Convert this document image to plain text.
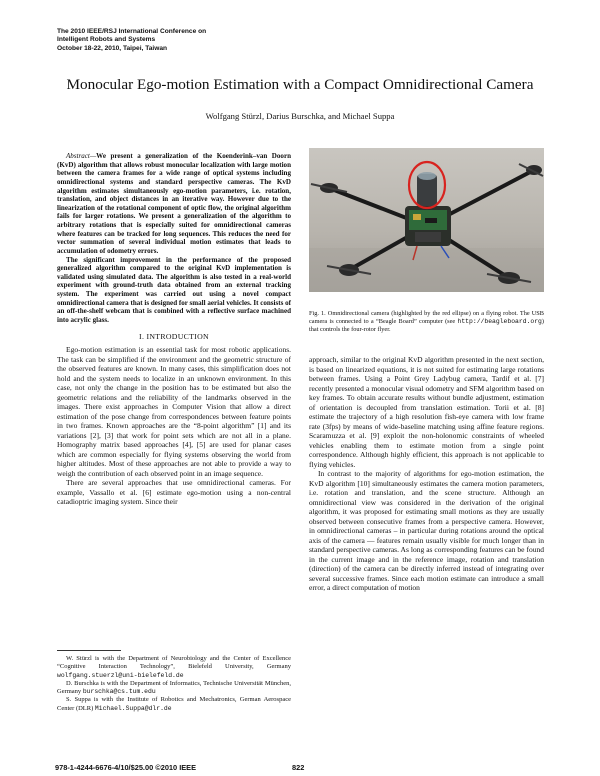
The 2010 IEEE/RSJ International Conference on
Intelligent Robots and Systems
October 18-22, 2010, Taipei, Taiwan
Monocular Ego-motion Estimation with a Compact Omnidirectional Camera
Wolfgang Stürzl, Darius Burschka, and Michael Suppa

Abstract—We present a generalization of the Koenderink–van Doorn (KvD) algorithm that allows robust monocular localization with large motion between the camera frames for a wide range of optical systems including omnidirectional systems and standard perspective cameras. The KvD algorithm estimates simultaneously ego-motion parameters, i.e. rotation, translation, and object distances in an iterative way. However due to the linearization of the rotational component of optic flow, the original algorithm fails for larger rotations. We present a generalization of the algorithm to arbitrary rotations that is especially suited for omnidirectional cameras where features can be tracked for long sequences. This reduces the need for vector summation of several individual motion estimates that leads to accumulation of odometry errors.

The significant improvement in the performance of the proposed generalized algorithm compared to the original KvD implementation is validated using simulated data. The algorithm is also tested in a real-world experiment with ground-truth data obtained from an external tracking system. The experiment was carried out using a novel compact omnidirectional camera that is designed for small aerial vehicles. It consists of an off-the-shelf webcam that is combined with a reflective surface machined into acrylic glass.

I. INTRODUCTION

Ego-motion estimation is an essential task for most robotic applications. The task can be simplified if the environment and the geometric structure of the observed features are known. In many cases, this simplification does not hold and the system needs to localize in an unknown environment. In this case, not only the change in the position has to be estimated but also the geometric relations and the reliability of the landmarks observed in the images. There exist approaches in Computer Vision that allow a direct estimation of the pose change from correspondences between feature points in two frames. Known approaches are the “8-point algorithm” [1] and its variations [2], [3] that work for point sets which are not all in a plane. Homography matrix based approaches [4], [5] are used for planar cases which are common especially for flying systems observing the world from higher altitudes. Most of these approaches are not able to provide a way to weigh the contribution of each observed point in an image sequence.

There are several approaches that use omnidirectional cameras. For example, Vassallo et al. [6] estimate ego-motion using a non-central catadioptric imaging system. Since their

W. Stürzl is with the Department of Neurobiology and the Center of Excellence “Cognitive Interaction Technology”, Bielefeld University, Germany wolfgang.stuerzl@uni-bielefeld.de

D. Burschka is with the Department of Informatics, Technische Universität München, Germany burschka@cs.tum.edu

S. Suppa is with the Institute of Robotics and Mechatronics, German Aerospace Center (DLR) Michael.Suppa@dlr.de

Fig. 1. Omnidirectional camera (highlighted by the red ellipse) on a flying robot. The USB camera is connected to a “Beagle Board” computer (see http://beagleboard.org) that controls the four-rotor flyer.

approach, similar to the original KvD algorithm presented in the next section, is based on linearized equations, it is not suited for estimating large rotations between frames. Using a Point Grey Ladybug camera, Tardif et al. [7] recently presented a monocular visual odometry and SFM algorithm based on key frames. To obtain accurate results without bundle adjustment, estimation of orientation is decoupled from translation estimation. Torii et al. [8] estimate the trajectory of a high resolution fish-eye camera with low frame rate (3fps) by means of wide-baseline matching using affine feature regions. Scaramuzza et al. [9] exploit the non-holonomic constraints of wheeled vehicles enabling them to estimate motion from a single point correspondence. Although highly efficient, this approach is not applicable to flying vehicles.

In contrast to the majority of algorithms for ego-motion estimation, the KvD algorithm [10] simultaneously estimates the camera motion parameters, i.e. rotation and translation, and the scene structure. Although an omnidirectional view was considered in the derivation of the original algorithm, it was proposed for estimating small motions as they are usually observed between consecutive frames from a perspective camera. However, in omnidirectional cameras – in particular during rotations around the optical axis of the camera — features remain usually visible for much longer than in standard perspective cameras. As long as corresponding features can be found in the current image and in the reference image, rotation and translation (direction) of the camera can be directly inferred instead of integrating over several successive frames. Since each motion estimate can introduce a small error, a direct computation of motion

978-1-4244-6676-4/10/$25.00 ©2010 IEEE	822
